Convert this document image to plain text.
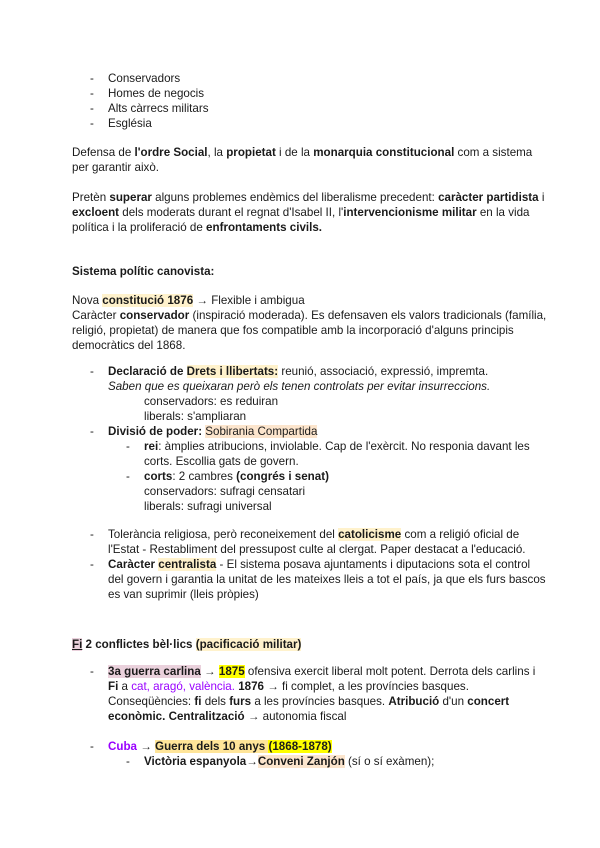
- Conservadors
- Homes de negocis
- Alts càrrecs militars
- Església
Defensa de l'ordre Social, la propietat i de la monarquia constitucional com a sistema
per garantir això.
Pretèn superar alguns problemes endèmics del liberalisme precedent: caràcter partidista i
excloent dels moderats durant el regnat d'Isabel II, l'intervencionisme militar en la vida
política i la proliferació de enfrontaments civils.
Sistema polític canovista:
Nova constitució 1876 → Flexible i ambigua
Caràcter conservador (inspiració moderada). Es defensaven els valors tradicionals (família,
religió, propietat) de manera que fos compatible amb la incorporació d'alguns principis
democràtics del 1868.
- Declaració de Drets i llibertats: reunió, associació, expressió, impremta.
Saben que es queixaran però els tenen controlats per evitar insurreccions.
conservadors: es reduiran
liberals: s'ampliaran
- Divisió de poder: Sobirania Compartida
- rei: àmplies atribucions, inviolable. Cap de l'exèrcit. No responia davant les
corts. Escollia gats de govern.
- corts: 2 cambres (congrés i senat)
conservadors: sufragi censatari
liberals: sufragi universal
- Tolerància religiosa, però reconeixement del catolicisme com a religió oficial de
l'Estat - Restabliment del pressupost culte al clergat. Paper destacat a l'educació.
- Caràcter centralista - El sistema posava ajuntaments i diputacions sota el control
del govern i garantia la unitat de les mateixes lleis a tot el país, ja que els furs bascos
es van suprimir (lleis pròpies)
Fi 2 conflictes bèl·lics (pacificació militar)
- 3a guerra carlina → 1875 ofensiva exercit liberal molt potent. Derrota dels carlins i
Fi a cat, aragó, valència. 1876 → fi complet, a les províncies basques.
Conseqüències: fi dels furs a les províncies basques. Atribució d'un concert
econòmic. Centralització → autonomia fiscal
- Cuba → Guerra dels 10 anys (1868-1878)
- Victòria espanyola→Conveni Zanjón (sí o sí exàmen);
